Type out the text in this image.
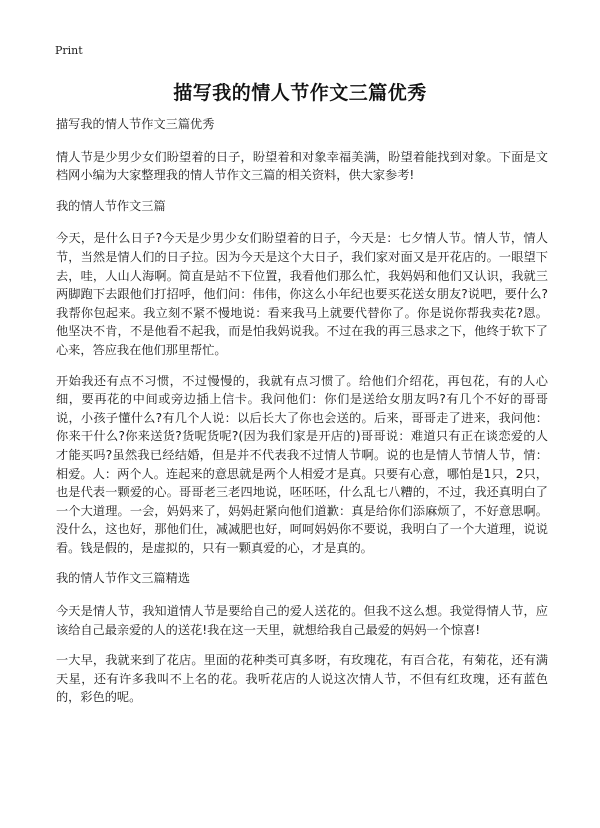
Print
描写我的情人节作文三篇优秀
描写我的情人节作文三篇优秀
情人节是少男少女们盼望着的日子，盼望着和对象幸福美满，盼望着能找到对象。下面是文档网小编为大家整理我的情人节作文三篇的相关资料，供大家参考!
我的情人节作文三篇
今天，是什么日子?今天是少男少女们盼望着的日子，今天是：七夕情人节。情人节，情人节，当然是情人们的日子拉。因为今天是这个大日子，我们家对面又是开花店的。一眼望下去，哇，人山人海啊。简直是站不下位置，我看他们那么忙，我妈妈和他们又认识，我就三两脚跑下去跟他们打招呼，他们问：伟伟，你这么小年纪也要买花送女朋友?说吧，要什么?我帮你包起来。我立刻不紧不慢地说：看来我马上就要代替你了。你是说你帮我卖花?恩。他坚决不肯，不是他看不起我，而是怕我妈说我。不过在我的再三恳求之下，他终于软下了心来，答应我在他们那里帮忙。
开始我还有点不习惯，不过慢慢的，我就有点习惯了。给他们介绍花，再包花，有的人心细，要再花的中间或旁边插上信卡。我问他们：你们是送给女朋友吗?有几个不好的哥哥说，小孩子懂什么?有几个人说：以后长大了你也会送的。后来，哥哥走了进来，我问他：你来干什么?你来送货?货呢货呢?(因为我们家是开店的)哥哥说：难道只有正在谈恋爱的人才能买吗?虽然我已经结婚，但是并不代表我不过情人节啊。说的也是情人节情人节，情：相爱。人：两个人。连起来的意思就是两个人相爱才是真。只要有心意，哪怕是1只，2只，也是代表一颗爱的心。哥哥老三老四地说，呸呸呸，什么乱七八糟的，不过，我还真明白了一个大道理。一会，妈妈来了，妈妈赶紧向他们道歉：真是给你们添麻烦了，不好意思啊。没什么，这也好，那他们仕，减减肥也好，呵呵妈妈你不要说，我明白了一个大道理，说说看。钱是假的，是虚拟的，只有一颗真爱的心，才是真的。
我的情人节作文三篇精选
今天是情人节，我知道情人节是要给自己的爱人送花的。但我不这么想。我觉得情人节，应该给自己最亲爱的人的送花!我在这一天里，就想给我自己最爱的妈妈一个惊喜!
一大早，我就来到了花店。里面的花种类可真多呀，有玫瑰花，有百合花，有菊花，还有满天星，还有许多我叫不上名的花。我听花店的人说这次情人节，不但有红玫瑰，还有蓝色的，彩色的呢。
